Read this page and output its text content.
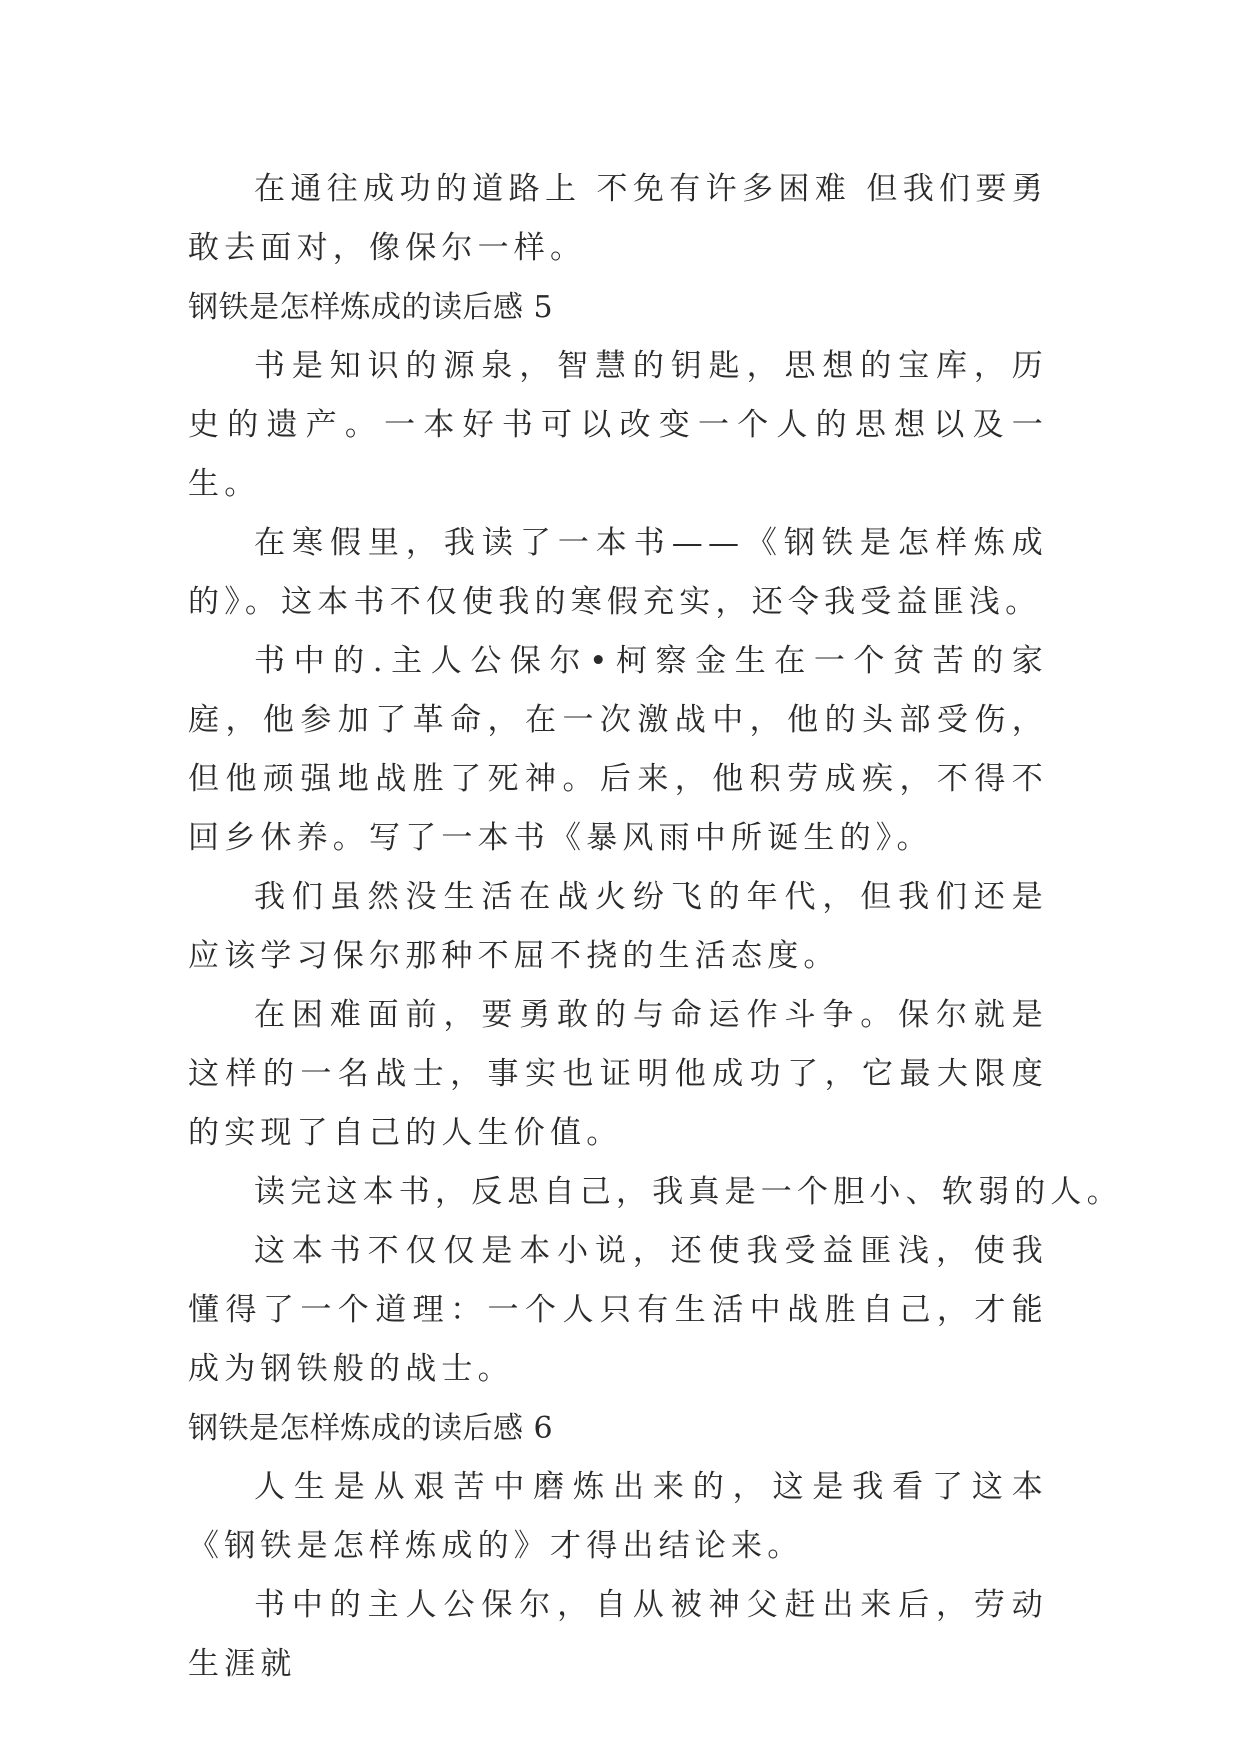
在通往成功的道路上 不免有许多困难 但我们要勇敢去面对，像保尔一样。

钢铁是怎样炼成的读后感 5

书是知识的源泉，智慧的钥匙，思想的宝库，历史的遗产。一本好书可以改变一个人的思想以及一生。

在寒假里，我读了一本书——《钢铁是怎样炼成的》。这本书不仅使我的寒假充实，还令我受益匪浅。

书中的.主人公保尔•柯察金生在一个贫苦的家庭，他参加了革命，在一次激战中，他的头部受伤，但他顽强地战胜了死神。后来，他积劳成疾，不得不回乡休养。写了一本书《暴风雨中所诞生的》。

我们虽然没生活在战火纷飞的年代，但我们还是应该学习保尔那种不屈不挠的生活态度。

在困难面前，要勇敢的与命运作斗争。保尔就是这样的一名战士，事实也证明他成功了，它最大限度的实现了自己的人生价值。

读完这本书，反思自己，我真是一个胆小、软弱的人。

这本书不仅仅是本小说，还使我受益匪浅，使我懂得了一个道理：一个人只有生活中战胜自己，才能成为钢铁般的战士。

钢铁是怎样炼成的读后感 6

人生是从艰苦中磨炼出来的，这是我看了这本《钢铁是怎样炼成的》才得出结论来。

书中的主人公保尔，自从被神父赶出来后，劳动生涯就
